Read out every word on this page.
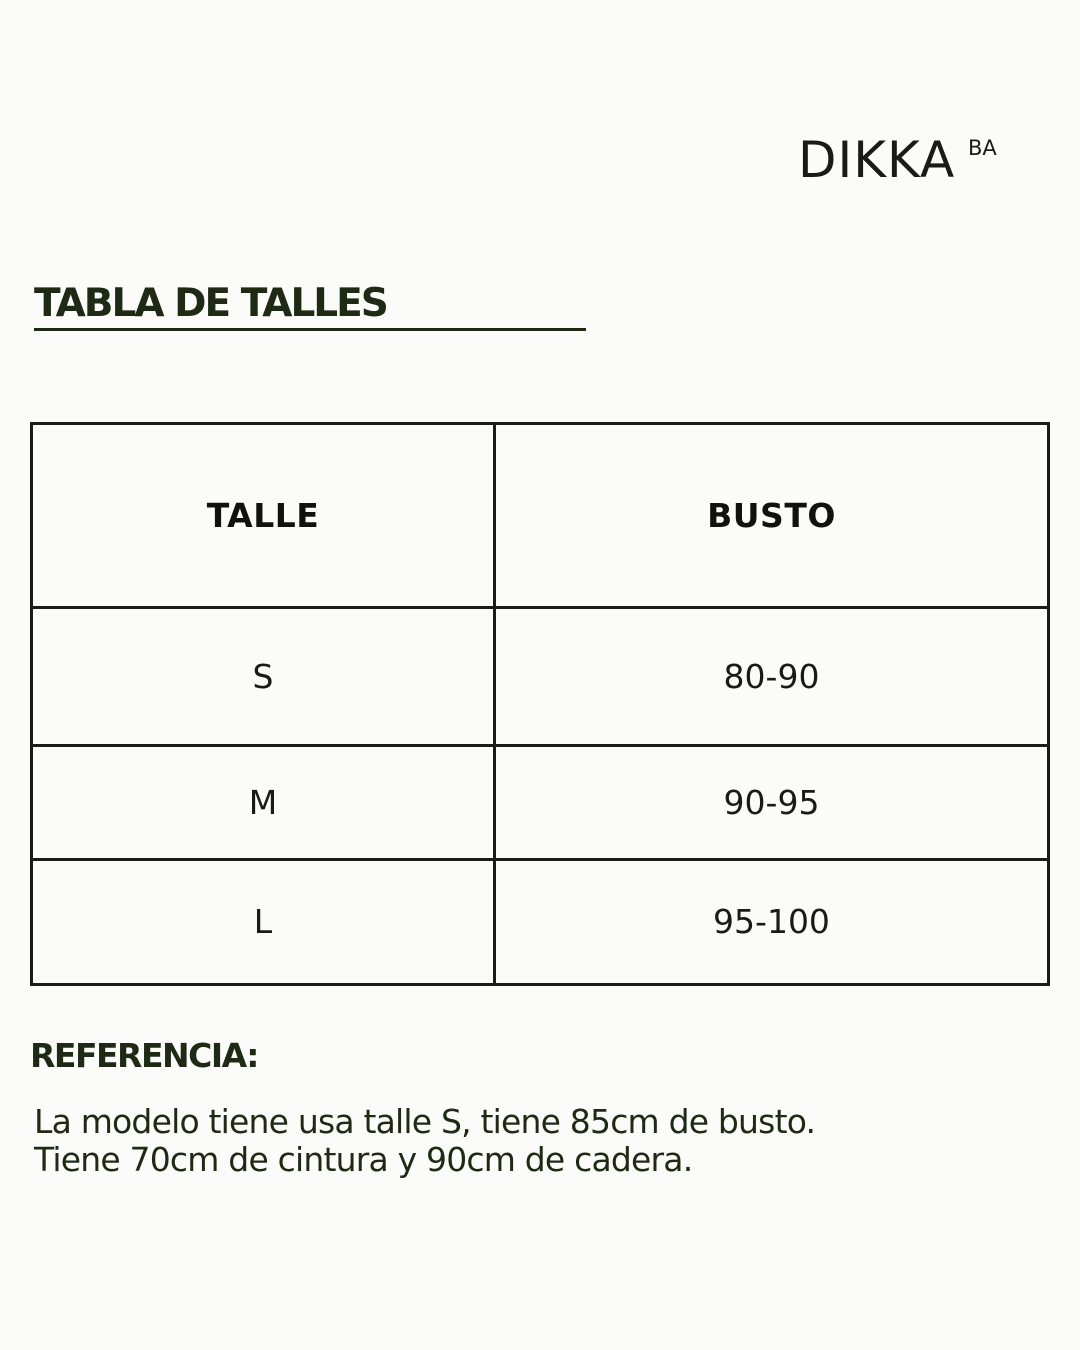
DIKKA BA
TABLA DE TALLES
TALLE	BUSTO
S	80-90
M	90-95
L	95-100
REFERENCIA:
La modelo tiene usa talle S, tiene 85cm de busto.
Tiene 70cm de cintura y 90cm de cadera.
